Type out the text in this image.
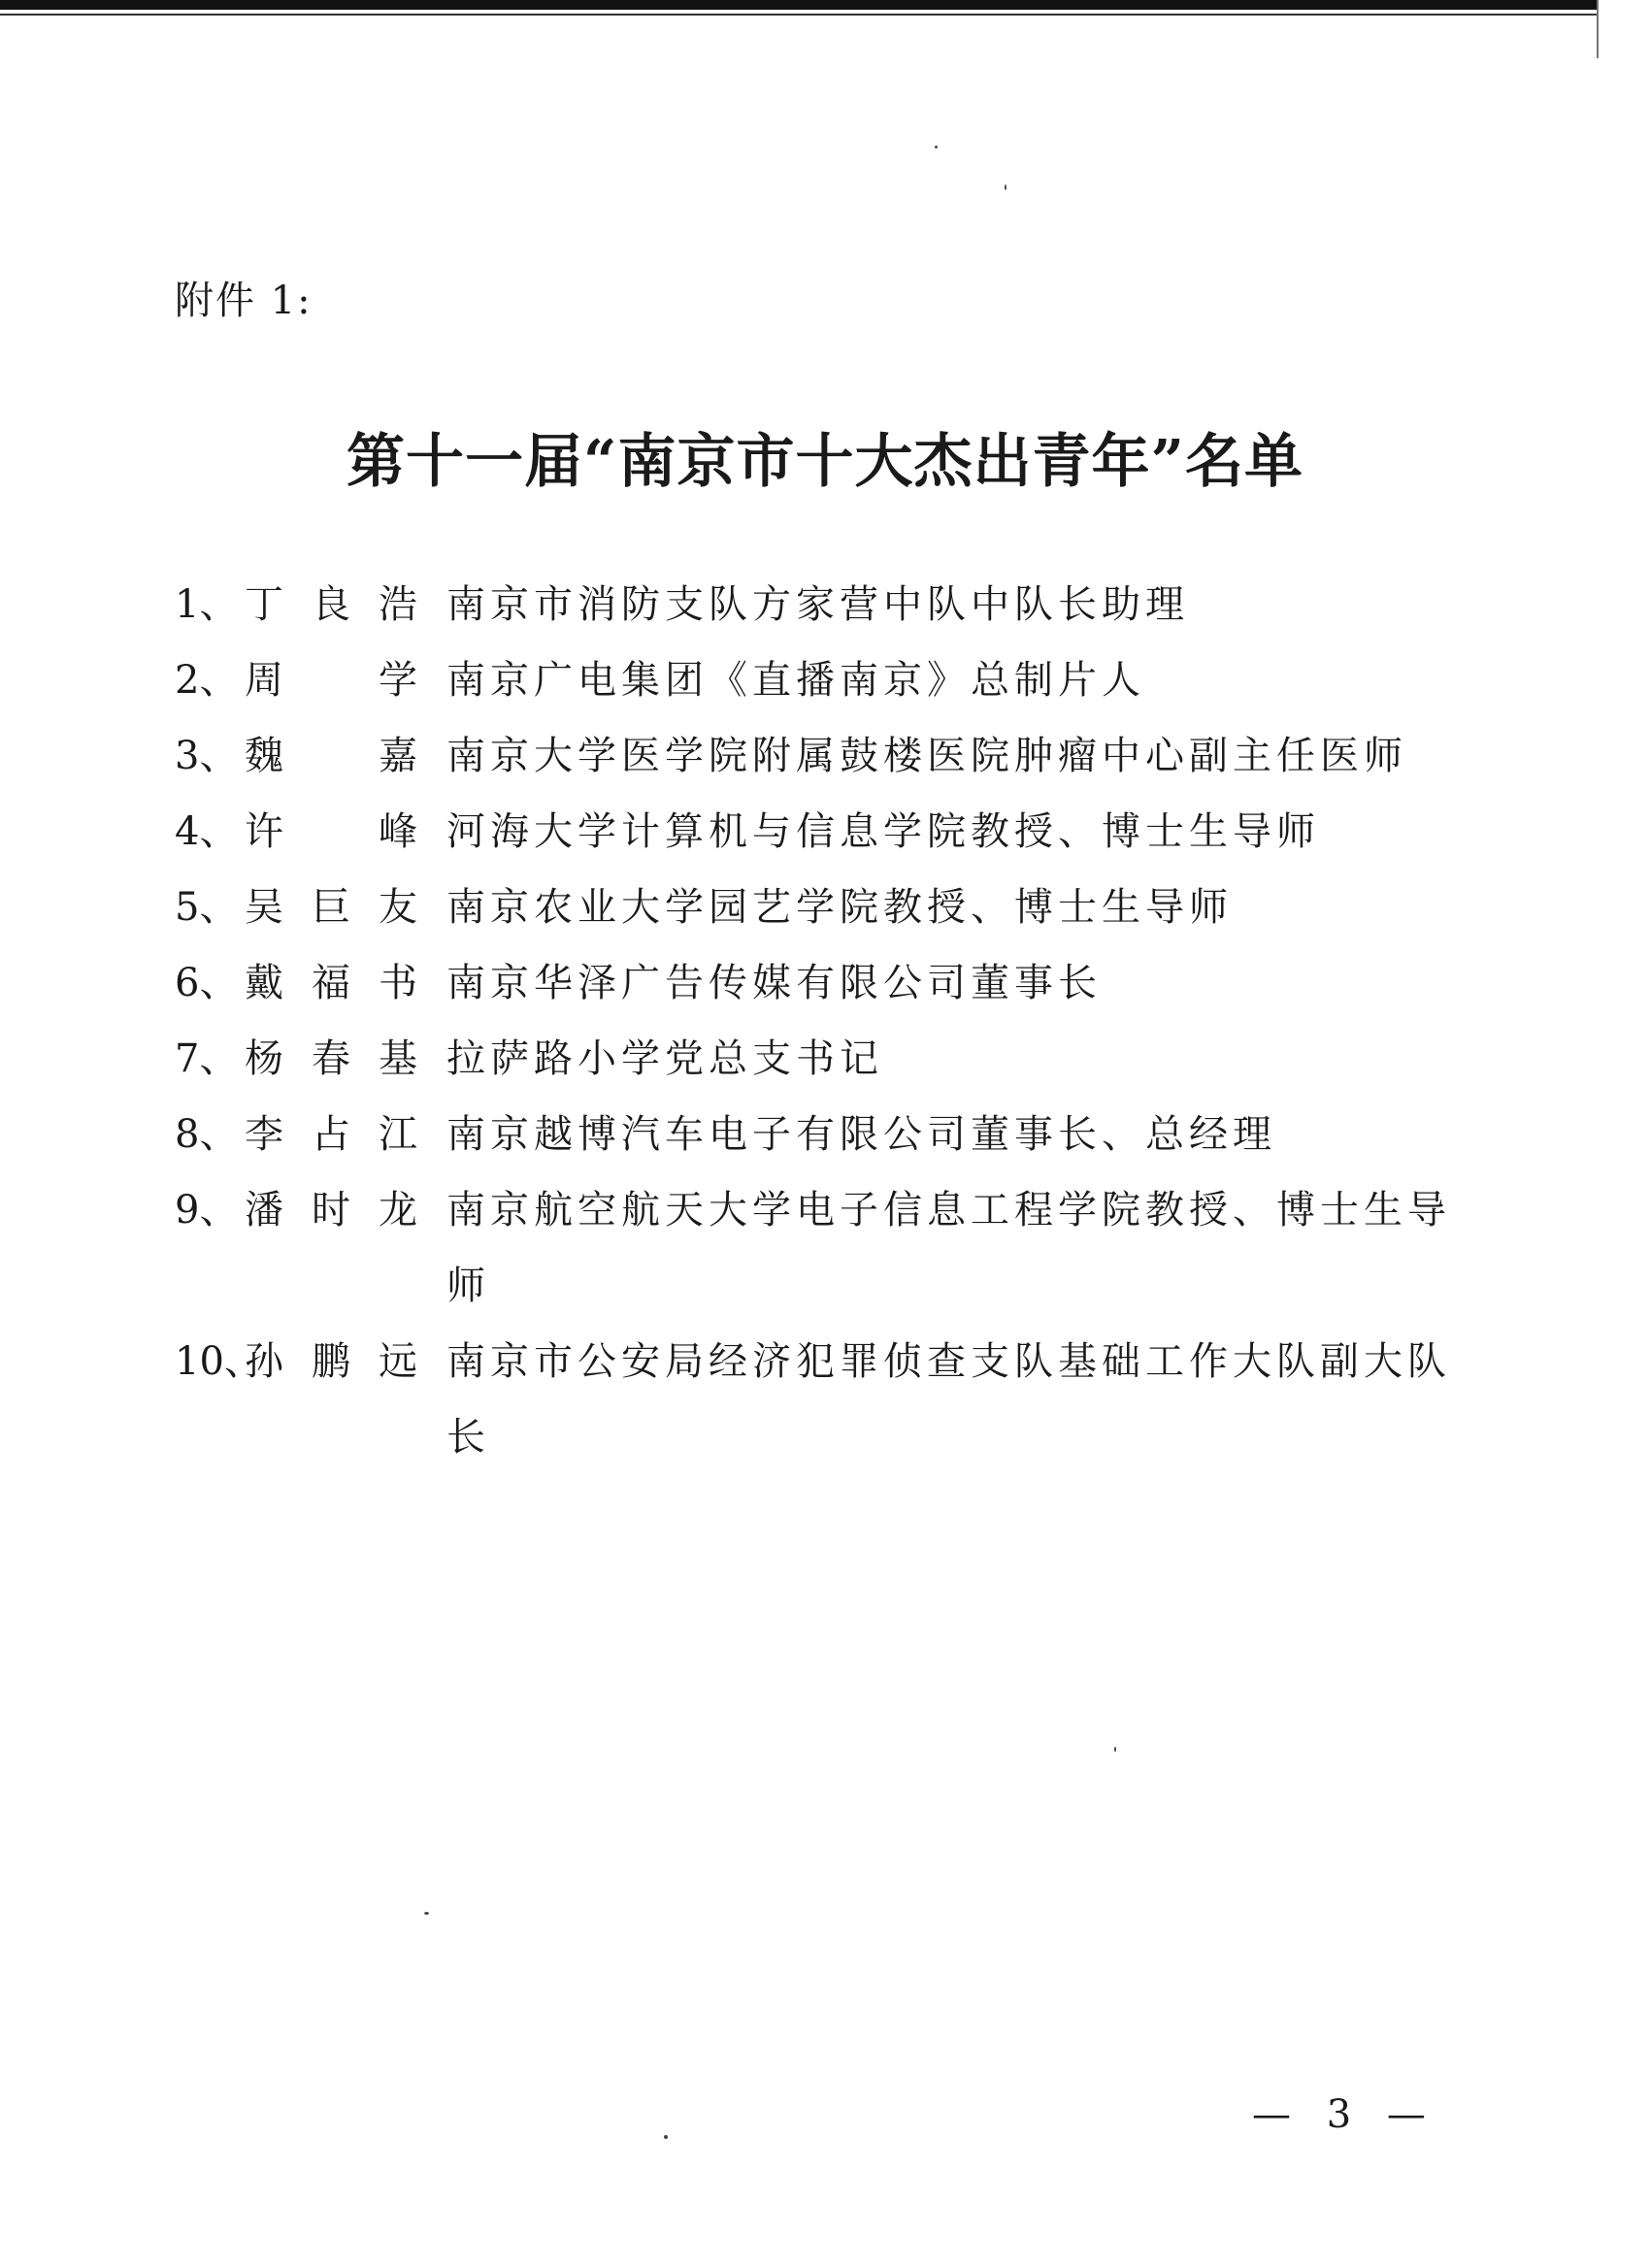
附件 1:
第十一届“南京市十大杰出青年”名单
1、 丁良浩 南京市消防支队方家营中队中队长助理
2、 周　学 南京广电集团《直播南京》总制片人
3、 魏　嘉 南京大学医学院附属鼓楼医院肿瘤中心副主任医师
4、 许　峰 河海大学计算机与信息学院教授、博士生导师
5、 吴巨友 南京农业大学园艺学院教授、博士生导师
6、 戴福书 南京华泽广告传媒有限公司董事长
7、 杨春基 拉萨路小学党总支书记
8、 李占江 南京越博汽车电子有限公司董事长、总经理
9、 潘时龙 南京航空航天大学电子信息工程学院教授、博士生导师
10、
孙鹏远 南京市公安局经济犯罪侦查支队基础工作大队副大队长
— 3 —
